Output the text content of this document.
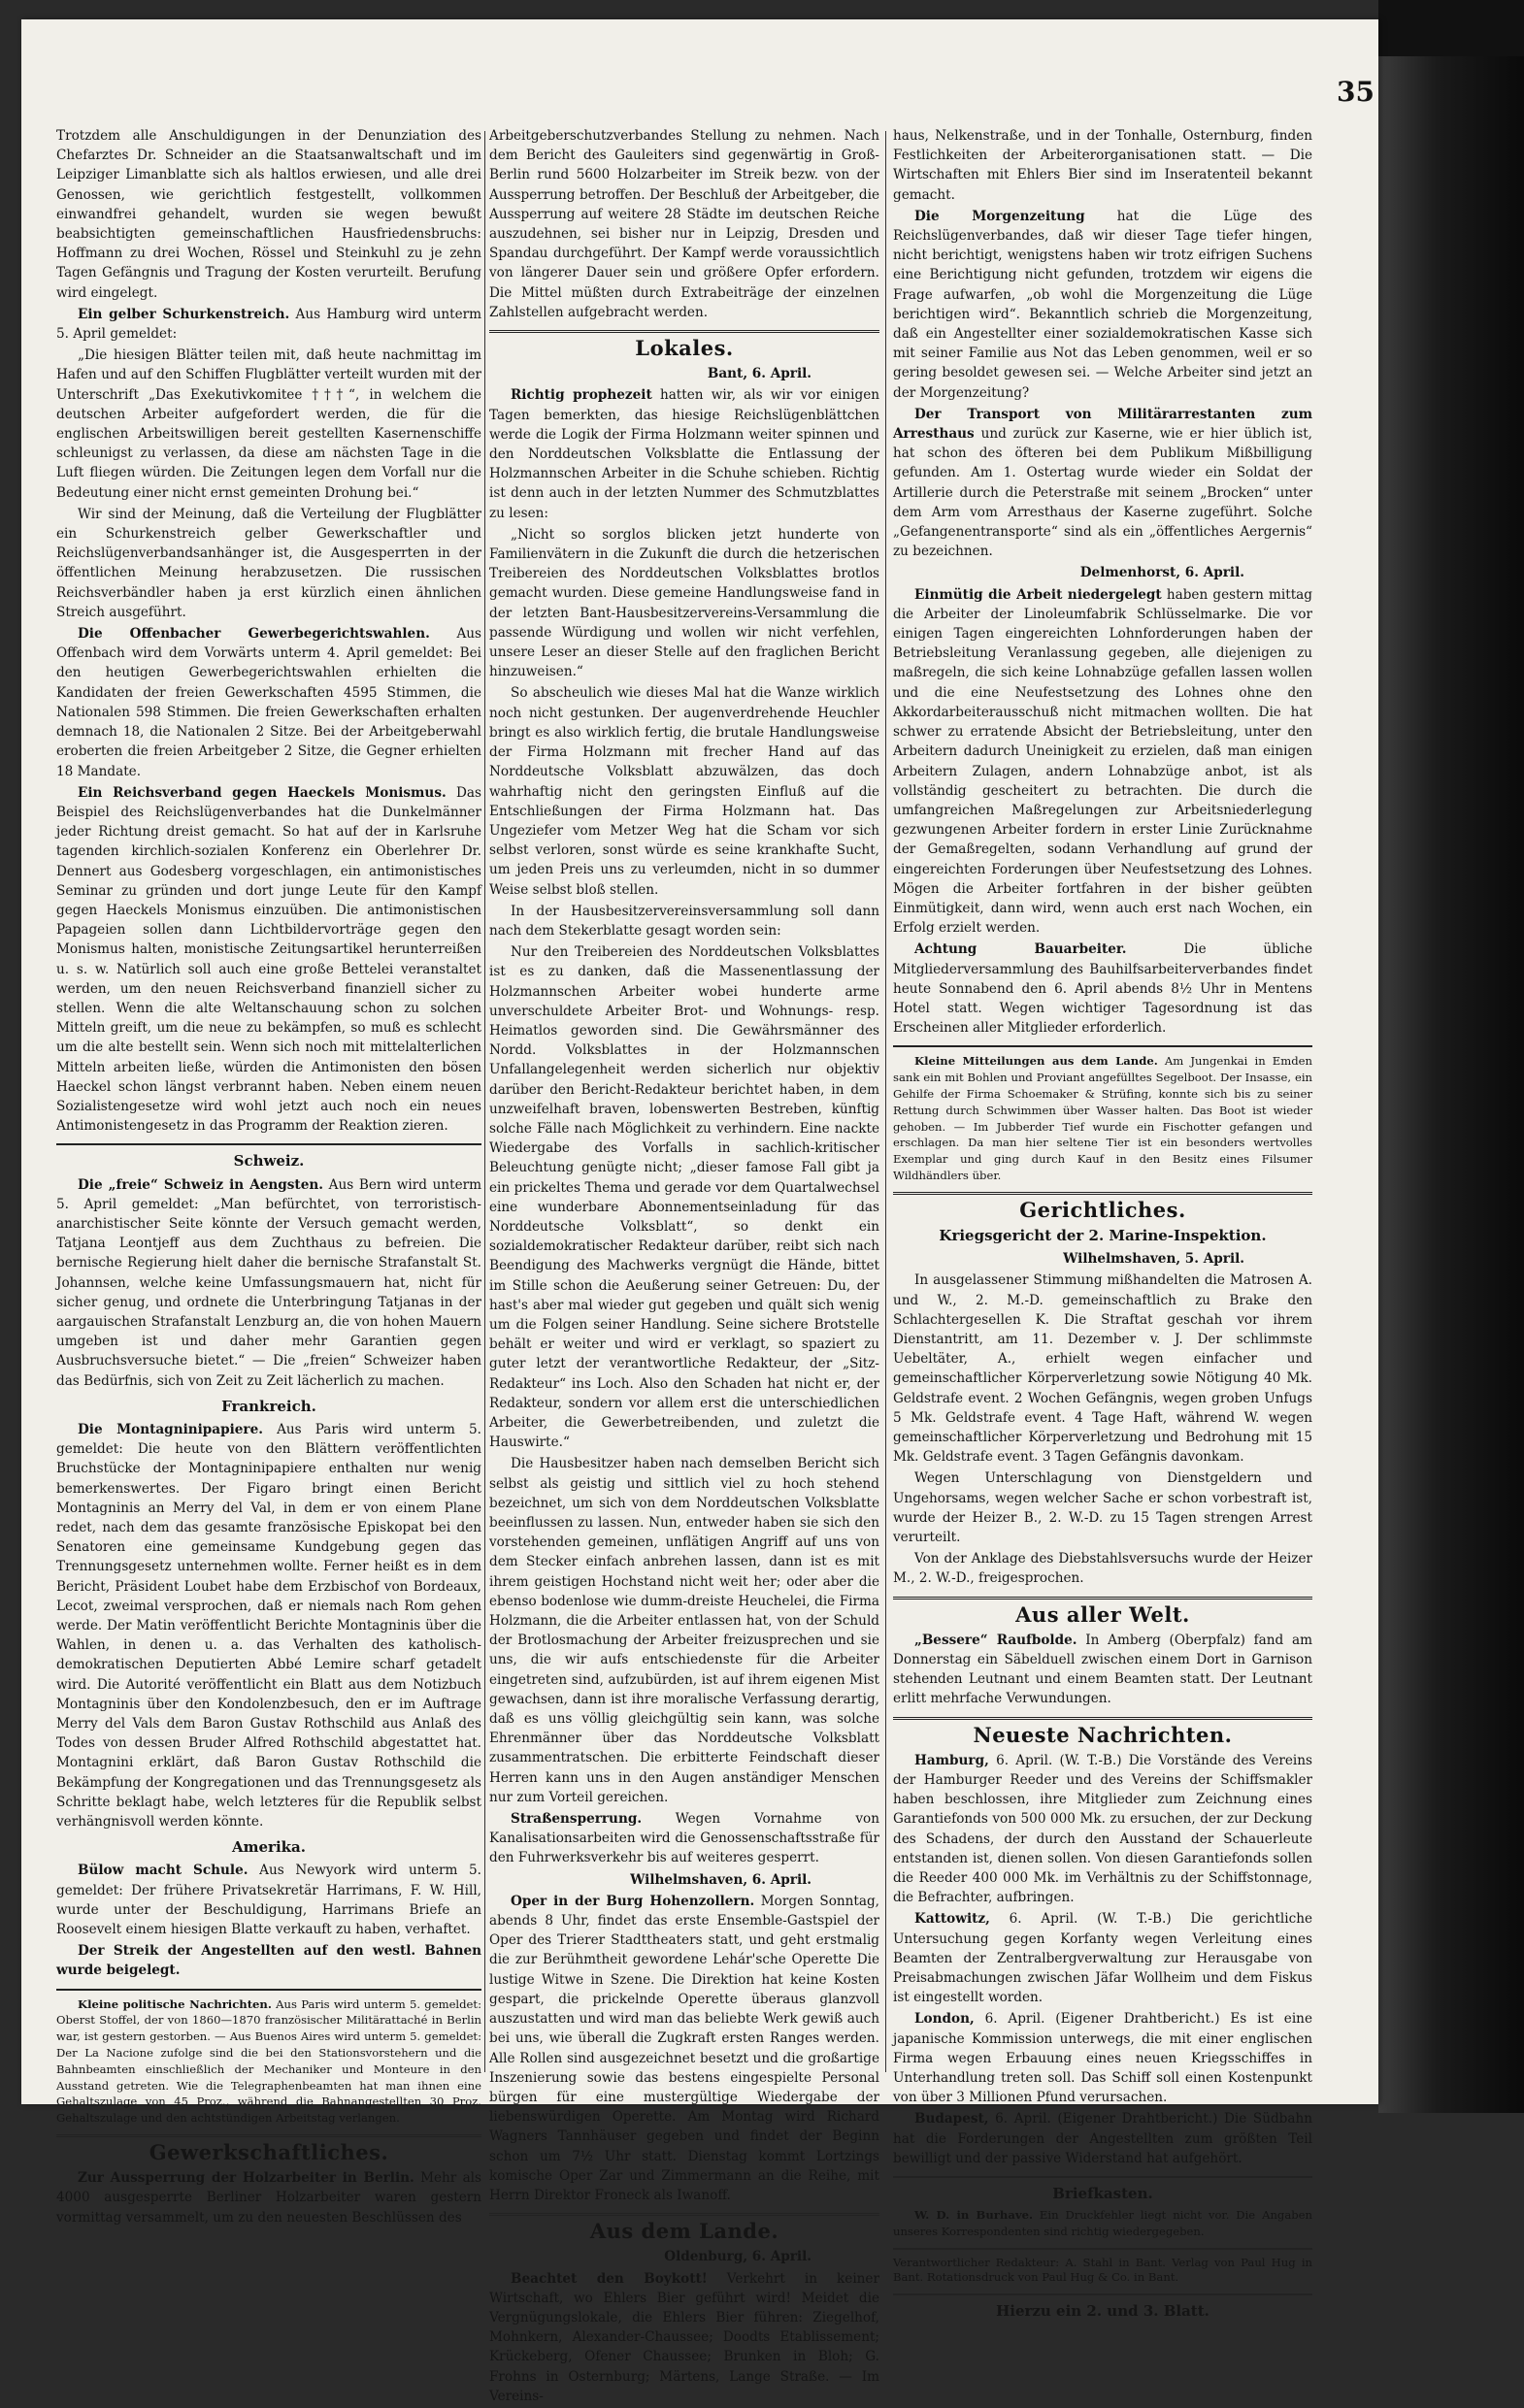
35

Trotzdem alle Anschuldigungen in der Denunziation des Chefarztes Dr. Schneider an die Staatsanwaltschaft und im Leipziger Limanblatte sich als haltlos erwiesen, und alle drei Genossen, wie gerichtlich festgestellt, vollkommen einwandfrei gehandelt, wurden sie wegen bewußt beabsichtigten gemeinschaftlichen Hausfriedensbruchs: Hoffmann zu drei Wochen, Rössel und Steinkuhl zu je zehn Tagen Gefängnis und Tragung der Kosten verurteilt. Berufung wird eingelegt.

Ein gelber Schurkenstreich. Aus Hamburg wird unterm 5. April gemeldet:

„Die hiesigen Blätter teilen mit, daß heute nachmittag im Hafen und auf den Schiffen Flugblätter verteilt wurden mit der Unterschrift „Das Exekutivkomitee †††“, in welchem die deutschen Arbeiter aufgefordert werden, die für die englischen Arbeitswilligen bereit gestellten Kasernenschiffe schleunigst zu verlassen, da diese am nächsten Tage in die Luft fliegen würden. Die Zeitungen legen dem Vorfall nur die Bedeutung einer nicht ernst gemeinten Drohung bei.“

Wir sind der Meinung, daß die Verteilung der Flugblätter ein Schurkenstreich gelber Gewerkschaftler und Reichslügenverbandsanhänger ist, die Ausgesperrten in der öffentlichen Meinung herabzusetzen. Die russischen Reichsverbändler haben ja erst kürzlich einen ähnlichen Streich ausgeführt.

Die Offenbacher Gewerbegerichtswahlen. Aus Offenbach wird dem Vorwärts unterm 4. April gemeldet: Bei den heutigen Gewerbegerichtswahlen erhielten die Kandidaten der freien Gewerkschaften 4595 Stimmen, die Nationalen 598 Stimmen. Die freien Gewerkschaften erhalten demnach 18, die Nationalen 2 Sitze. Bei der Arbeitgeberwahl eroberten die freien Arbeitgeber 2 Sitze, die Gegner erhielten 18 Mandate.

Ein Reichsverband gegen Haeckels Monismus. Das Beispiel des Reichslügenverbandes hat die Dunkelmänner jeder Richtung dreist gemacht. So hat auf der in Karlsruhe tagenden kirchlich-sozialen Konferenz ein Oberlehrer Dr. Dennert aus Godesberg vorgeschlagen, ein antimonistisches Seminar zu gründen und dort junge Leute für den Kampf gegen Haeckels Monismus einzuüben. Die antimonistischen Papageien sollen dann Lichtbildervorträge gegen den Monismus halten, monistische Zeitungsartikel herunterreißen u. s. w. Natürlich soll auch eine große Bettelei veranstaltet werden, um den neuen Reichsverband finanziell sicher zu stellen. Wenn die alte Weltanschauung schon zu solchen Mitteln greift, um die neue zu bekämpfen, so muß es schlecht um die alte bestellt sein. Wenn sich noch mit mittelalterlichen Mitteln arbeiten ließe, würden die Antimonisten den bösen Haeckel schon längst verbrannt haben. Neben einem neuen Sozialistengesetze wird wohl jetzt auch noch ein neues Antimonistengesetz in das Programm der Reaktion zieren.

Schweiz.

Die „freie“ Schweiz in Aengsten. Aus Bern wird unterm 5. April gemeldet: „Man befürchtet, von terroristisch-anarchistischer Seite könnte der Versuch gemacht werden, Tatjana Leontjeff aus dem Zuchthaus zu befreien. Die bernische Regierung hielt daher die bernische Strafanstalt St. Johannsen, welche keine Umfassungsmauern hat, nicht für sicher genug, und ordnete die Unterbringung Tatjanas in der aargauischen Strafanstalt Lenzburg an, die von hohen Mauern umgeben ist und daher mehr Garantien gegen Ausbruchsversuche bietet.“ — Die „freien“ Schweizer haben das Bedürfnis, sich von Zeit zu Zeit lächerlich zu machen.

Frankreich.

Die Montagninipapiere. Aus Paris wird unterm 5. gemeldet: Die heute von den Blättern veröffentlichten Bruchstücke der Montagninipapiere enthalten nur wenig bemerkenswertes. Der Figaro bringt einen Bericht Montagninis an Merry del Val, in dem er von einem Plane redet, nach dem das gesamte französische Episkopat bei den Senatoren eine gemeinsame Kundgebung gegen das Trennungsgesetz unternehmen wollte. Ferner heißt es in dem Bericht, Präsident Loubet habe dem Erzbischof von Bordeaux, Lecot, zweimal versprochen, daß er niemals nach Rom gehen werde. Der Matin veröffentlicht Berichte Montagninis über die Wahlen, in denen u. a. das Verhalten des katholisch-demokratischen Deputierten Abbé Lemire scharf getadelt wird. Die Autorité veröffentlicht ein Blatt aus dem Notizbuch Montagninis über den Kondolenzbesuch, den er im Auftrage Merry del Vals dem Baron Gustav Rothschild aus Anlaß des Todes von dessen Bruder Alfred Rothschild abgestattet hat. Montagnini erklärt, daß Baron Gustav Rothschild die Bekämpfung der Kongregationen und das Trennungsgesetz als Schritte beklagt habe, welch letzteres für die Republik selbst verhängnisvoll werden könnte.

Amerika.

Bülow macht Schule. Aus Newyork wird unterm 5. gemeldet: Der frühere Privatsekretär Harrimans, F. W. Hill, wurde unter der Beschuldigung, Harrimans Briefe an Roosevelt einem hiesigen Blatte verkauft zu haben, verhaftet.

Der Streik der Angestellten auf den westl. Bahnen wurde beigelegt.

Kleine politische Nachrichten. Aus Paris wird unterm 5. gemeldet: Oberst Stoffel, der von 1860—1870 französischer Militärattaché in Berlin war, ist gestern gestorben. — Aus Buenos Aires wird unterm 5. gemeldet: Der La Nacione zufolge sind die bei den Stationsvorstehern und die Bahnbeamten einschließlich der Mechaniker und Monteure in den Ausstand getreten. Wie die Telegraphenbeamten hat man ihnen eine Gehaltszulage von 45 Proz., während die Bahnangestellten 30 Proz. Gehaltszulage und den achtstündigen Arbeitstag verlangen.

Gewerkschaftliches.

Zur Aussperrung der Holzarbeiter in Berlin. Mehr als 4000 ausgesperrte Berliner Holzarbeiter waren gestern vormittag versammelt, um zu den neuesten Beschlüssen des

Arbeitgeberschutzverbandes Stellung zu nehmen. Nach dem Bericht des Gauleiters sind gegenwärtig in Groß-Berlin rund 5600 Holzarbeiter im Streik bezw. von der Aussperrung betroffen. Der Beschluß der Arbeitgeber, die Aussperrung auf weitere 28 Städte im deutschen Reiche auszudehnen, sei bisher nur in Leipzig, Dresden und Spandau durchgeführt. Der Kampf werde voraussichtlich von längerer Dauer sein und größere Opfer erfordern. Die Mittel müßten durch Extrabeiträge der einzelnen Zahlstellen aufgebracht werden.

Lokales.
Bant, 6. April.

Richtig prophezeit hatten wir, als wir vor einigen Tagen bemerkten, das hiesige Reichslügenblättchen werde die Logik der Firma Holzmann weiter spinnen und den Norddeutschen Volksblatte die Entlassung der Holzmannschen Arbeiter in die Schuhe schieben. Richtig ist denn auch in der letzten Nummer des Schmutzblattes zu lesen:

„Nicht so sorglos blicken jetzt hunderte von Familienvätern in die Zukunft die durch die hetzerischen Treibereien des Norddeutschen Volksblattes brotlos gemacht wurden. Diese gemeine Handlungsweise fand in der letzten Bant-Hausbesitzervereins-Versammlung die passende Würdigung und wollen wir nicht verfehlen, unsere Leser an dieser Stelle auf den fraglichen Bericht hinzuweisen.“

So abscheulich wie dieses Mal hat die Wanze wirklich noch nicht gestunken. Der augenverdrehende Heuchler bringt es also wirklich fertig, die brutale Handlungsweise der Firma Holzmann mit frecher Hand auf das Norddeutsche Volksblatt abzuwälzen, das doch wahrhaftig nicht den geringsten Einfluß auf die Entschließungen der Firma Holzmann hat. Das Ungeziefer vom Metzer Weg hat die Scham vor sich selbst verloren, sonst würde es seine krankhafte Sucht, um jeden Preis uns zu verleumden, nicht in so dummer Weise selbst bloß stellen.

In der Hausbesitzervereinsversammlung soll dann nach dem Stekerblatte gesagt worden sein:

Nur den Treibereien des Norddeutschen Volksblattes ist es zu danken, daß die Massenentlassung der Holzmannschen Arbeiter wobei hunderte arme unverschuldete Arbeiter Brot- und Wohnungs- resp. Heimatlos geworden sind. Die Gewährsmänner des Nordd. Volksblattes in der Holzmannschen Unfallangelegenheit werden sicherlich nur objektiv darüber den Bericht-Redakteur berichtet haben, in dem unzweifelhaft braven, lobenswerten Bestreben, künftig solche Fälle nach Möglichkeit zu verhindern. Eine nackte Wiedergabe des Vorfalls in sachlich-kritischer Beleuchtung genügte nicht; „dieser famose Fall gibt ja ein prickeltes Thema und gerade vor dem Quartalwechsel eine wunderbare Abonnementseinladung für das Norddeutsche Volksblatt“, so denkt ein sozialdemokratischer Redakteur darüber, reibt sich nach Beendigung des Machwerks vergnügt die Hände, bittet im Stille schon die Aeußerung seiner Getreuen: Du, der hast's aber mal wieder gut gegeben und quält sich wenig um die Folgen seiner Handlung. Seine sichere Brotstelle behält er weiter und wird er verklagt, so spaziert zu guter letzt der verantwortliche Redakteur, der „Sitz-Redakteur“ ins Loch. Also den Schaden hat nicht er, der Redakteur, sondern vor allem erst die unterschiedlichen Arbeiter, die Gewerbetreibenden, und zuletzt die Hauswirte.“

Die Hausbesitzer haben nach demselben Bericht sich selbst als geistig und sittlich viel zu hoch stehend bezeichnet, um sich von dem Norddeutschen Volksblatte beeinflussen zu lassen. Nun, entweder haben sie sich den vorstehenden gemeinen, unflätigen Angriff auf uns von dem Stecker einfach anbrehen lassen, dann ist es mit ihrem geistigen Hochstand nicht weit her; oder aber die ebenso bodenlose wie dumm-dreiste Heuchelei, die Firma Holzmann, die die Arbeiter entlassen hat, von der Schuld der Brotlosmachung der Arbeiter freizusprechen und sie uns, die wir aufs entschiedenste für die Arbeiter eingetreten sind, aufzubürden, ist auf ihrem eigenen Mist gewachsen, dann ist ihre moralische Verfassung derartig, daß es uns völlig gleichgültig sein kann, was solche Ehrenmänner über das Norddeutsche Volksblatt zusammentratschen. Die erbitterte Feindschaft dieser Herren kann uns in den Augen anständiger Menschen nur zum Vorteil gereichen.

Straßensperrung.	Wegen Vornahme von Kanalisationsarbeiten wird die Genossenschaftsstraße für den Fuhrwerksverkehr bis auf weiteres gesperrt.

Wilhelmshaven, 6. April.

Oper in der Burg Hohenzollern. Morgen Sonntag, abends 8 Uhr, findet das erste Ensemble-Gastspiel der Oper des Trierer Stadttheaters statt, und geht erstmalig die zur Berühmtheit gewordene Lehár'sche Operette Die lustige Witwe in Szene. Die Direktion hat keine Kosten gespart, die prickelnde Operette überaus glanzvoll auszustatten und wird man das beliebte Werk gewiß auch bei uns, wie überall die Zugkraft ersten Ranges werden. Alle Rollen sind ausgezeichnet besetzt und die großartige Inszenierung sowie das bestens eingespielte Personal bürgen für eine mustergültige Wiedergabe der liebenswürdigen Operette. Am Montag wird Richard Wagners Tannhäuser gegeben und findet der Beginn schon um 7½ Uhr statt. Dienstag kommt Lortzings komische Oper Zar und Zimmermann an die Reihe, mit Herrn Direktor Froneck als Iwanoff.

Aus dem Lande.
Oldenburg, 6. April.

Beachtet den Boykott! Verkehrt in keiner Wirtschaft, wo Ehlers Bier geführt wird! Meidet die Vergnügungslokale, die Ehlers Bier führen: Ziegelhof, Mohnkern, Alexander-Chaussee; Doodts Etablissement; Krückeberg, Ofener Chaussee; Brunken in Bloh; G. Frohns in Osternburg; Märtens, Lange Straße. — Im Vereins-

haus, Nelkenstraße, und in der Tonhalle, Osternburg, finden Festlichkeiten der Arbeiterorganisationen statt. — Die Wirtschaften mit Ehlers Bier sind im Inseratenteil bekannt gemacht.

Die Morgenzeitung hat die Lüge des Reichslügenverbandes, daß wir dieser Tage tiefer hingen, nicht berichtigt, wenigstens haben wir trotz eifrigen Suchens eine Berichtigung nicht gefunden, trotzdem wir eigens die Frage aufwarfen, „ob wohl die Morgenzeitung die Lüge berichtigen wird“. Bekanntlich schrieb die Morgenzeitung, daß ein Angestellter einer sozialdemokratischen Kasse sich mit seiner Familie aus Not das Leben genommen, weil er so gering besoldet gewesen sei. — Welche Arbeiter sind jetzt an der Morgenzeitung?

Der Transport von Militärarrestanten zum Arresthaus und zurück zur Kaserne, wie er hier üblich ist, hat schon des öfteren bei dem Publikum Mißbilligung gefunden. Am 1. Ostertag wurde wieder ein Soldat der Artillerie durch die Peterstraße mit seinem „Brocken“ unter dem Arm vom Arresthaus der Kaserne zugeführt. Solche „Gefangenentransporte“ sind als ein „öffentliches Aergernis“ zu bezeichnen.

Delmenhorst, 6. April.

Einmütig die Arbeit niedergelegt haben gestern mittag die Arbeiter der Linoleumfabrik Schlüsselmarke. Die vor einigen Tagen eingereichten Lohnforderungen haben der Betriebsleitung Veranlassung gegeben, alle diejenigen zu maßregeln, die sich keine Lohnabzüge gefallen lassen wollen und die eine Neufestsetzung des Lohnes ohne den Akkordarbeiterausschuß nicht mitmachen wollten. Die hat schwer zu erratende Absicht der Betriebsleitung, unter den Arbeitern dadurch Uneinigkeit zu erzielen, daß man einigen Arbeitern Zulagen, andern Lohnabzüge anbot, ist als vollständig gescheitert zu betrachten. Die durch die umfangreichen Maßregelungen zur Arbeitsniederlegung gezwungenen Arbeiter fordern in erster Linie Zurücknahme der Gemaßregelten, sodann Verhandlung auf grund der eingereichten Forderungen über Neufestsetzung des Lohnes. Mögen die Arbeiter fortfahren in der bisher geübten Einmütigkeit, dann wird, wenn auch erst nach Wochen, ein Erfolg erzielt werden.

Achtung Bauarbeiter.	Die übliche Mitgliederversammlung des Bauhilfsarbeiterverbandes findet heute Sonnabend den 6. April abends 8½ Uhr in Mentens Hotel statt. Wegen wichtiger Tagesordnung ist das Erscheinen aller Mitglieder erforderlich.

Kleine Mitteilungen aus dem Lande. Am Jungenkai in Emden sank ein mit Bohlen und Proviant angefülltes Segelboot. Der Insasse, ein Gehilfe der Firma Schoemaker & Strüfing, konnte sich bis zu seiner Rettung durch Schwimmen über Wasser halten. Das Boot ist wieder gehoben. — Im Jubberder Tief wurde ein Fischotter gefangen und erschlagen. Da man hier seltene Tier ist ein besonders wertvolles Exemplar und ging durch Kauf in den Besitz eines Filsumer Wildhändlers über.

Gerichtliches.
Kriegsgericht der 2. Marine-Inspektion.
Wilhelmshaven, 5. April.

In ausgelassener Stimmung mißhandelten die Matrosen A. und W., 2. M.-D. gemeinschaftlich zu Brake den Schlachtergesellen K. Die Straftat geschah vor ihrem Dienstantritt, am 11. Dezember v. J. Der schlimmste Uebeltäter, A., erhielt wegen einfacher und gemeinschaftlicher Körperverletzung sowie Nötigung 40 Mk. Geldstrafe event. 2 Wochen Gefängnis, wegen groben Unfugs 5 Mk. Geldstrafe event. 4 Tage Haft, während W. wegen gemeinschaftlicher Körperverletzung und Bedrohung mit 15 Mk. Geldstrafe event. 3 Tagen Gefängnis davonkam.

Wegen Unterschlagung von Dienstgeldern und Ungehorsams, wegen welcher Sache er schon vorbestraft ist, wurde der Heizer B., 2. W.-D. zu 15 Tagen strengen Arrest verurteilt.

Von der Anklage des Diebstahlsversuchs wurde der Heizer M., 2. W.-D., freigesprochen.

Aus aller Welt.

„Bessere“ Raufbolde. In Amberg (Oberpfalz) fand am Donnerstag ein Säbelduell zwischen einem Dort in Garnison stehenden Leutnant und einem Beamten statt. Der Leutnant erlitt mehrfache Verwundungen.

Neueste Nachrichten.

Hamburg, 6. April. (W. T.-B.) Die Vorstände des Vereins der Hamburger Reeder und des Vereins der Schiffsmakler haben beschlossen, ihre Mitglieder zum Zeichnung eines Garantiefonds von 500 000 Mk. zu ersuchen, der zur Deckung des Schadens, der durch den Ausstand der Schauerleute entstanden ist, dienen sollen. Von diesen Garantiefonds sollen die Reeder 400 000 Mk. im Verhältnis zu der Schiffstonnage, die Befrachter, aufbringen.

Kattowitz, 6. April. (W. T.-B.) Die gerichtliche Untersuchung gegen Korfanty wegen Verleitung eines Beamten der Zentralbergverwaltung zur Herausgabe von Preisabmachungen zwischen Jäfar Wollheim und dem Fiskus ist eingestellt worden.

London, 6. April. (Eigener Drahtbericht.) Es ist eine japanische Kommission unterwegs, die mit einer englischen Firma wegen Erbauung eines neuen Kriegsschiffes in Unterhandlung treten soll. Das Schiff soll einen Kostenpunkt von über 3 Millionen Pfund verursachen.

Budapest, 6. April. (Eigener Drahtbericht.) Die Südbahn hat die Forderungen der Angestellten zum größten Teil bewilligt und der passive Widerstand hat aufgehört.

Briefkasten.

W. D. in Burhave. Ein Druckfehler liegt nicht vor. Die Angaben unseres Korrespondenten sind richtig wiedergegeben.

Verantwortlicher Redakteur: A. Stahl in Bant. Verlag von Paul Hug in Bant. Rotationsdruck von Paul Hug & Co. in Bant.
Hierzu ein 2. und 3. Blatt.
